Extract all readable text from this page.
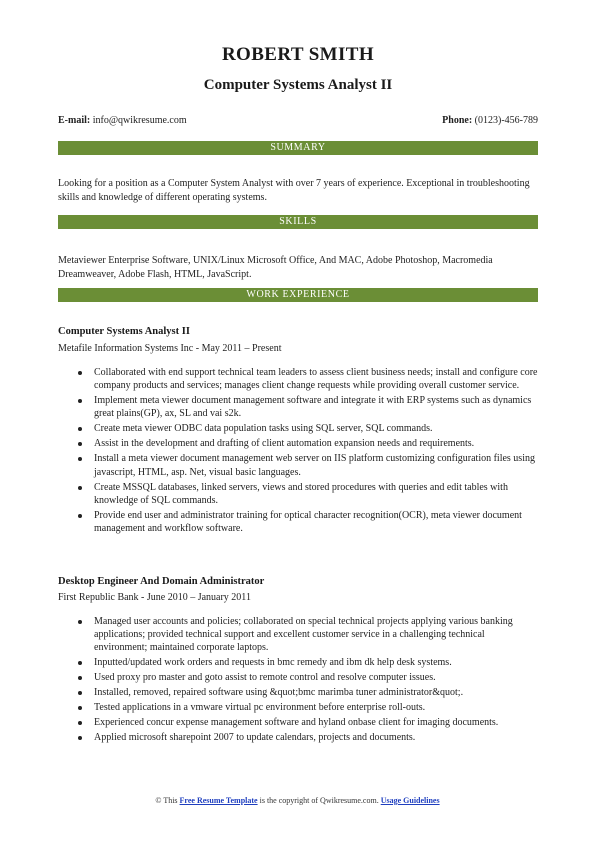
ROBERT SMITH
Computer Systems Analyst II
E-mail: info@qwikresume.com	Phone: (0123)-456-789
SUMMARY
Looking for a position as a Computer System Analyst with over 7 years of experience. Exceptional in troubleshooting skills and knowledge of different operating systems.
SKILLS
Metaviewer Enterprise Software, UNIX/Linux Microsoft Office, And MAC, Adobe Photoshop, Macromedia Dreamweaver, Adobe Flash, HTML, JavaScript.
WORK EXPERIENCE
Computer Systems Analyst II
Metafile Information Systems Inc - May 2011 – Present
Collaborated with end support technical team leaders to assess client business needs; install and configure core company products and services; manages client change requests while providing overall customer service.
Implement meta viewer document management software and integrate it with ERP systems such as dynamics great plains(GP), ax, SL and vai s2k.
Create meta viewer ODBC data population tasks using SQL server, SQL commands.
Assist in the development and drafting of client automation expansion needs and requirements.
Install a meta viewer document management web server on IIS platform customizing configuration files using javascript, HTML, asp. Net, visual basic languages.
Create MSSQL databases, linked servers, views and stored procedures with queries and edit tables with knowledge of SQL commands.
Provide end user and administrator training for optical character recognition(OCR), meta viewer document management and workflow software.
Desktop Engineer And Domain Administrator
First Republic Bank - June 2010 – January 2011
Managed user accounts and policies; collaborated on special technical projects applying various banking applications; provided technical support and excellent customer service in a challenging technical environment; maintained corporate laptops.
Inputted/updated work orders and requests in bmc remedy and ibm dk help desk systems.
Used proxy pro master and goto assist to remote control and resolve computer issues.
Installed, removed, repaired software using &quot;bmc marimba tuner administrator&quot;.
Tested applications in a vmware virtual pc environment before enterprise roll-outs.
Experienced concur expense management software and hyland onbase client for imaging documents.
Applied microsoft sharepoint 2007 to update calendars, projects and documents.
© This Free Resume Template is the copyright of Qwikresume.com. Usage Guidelines
